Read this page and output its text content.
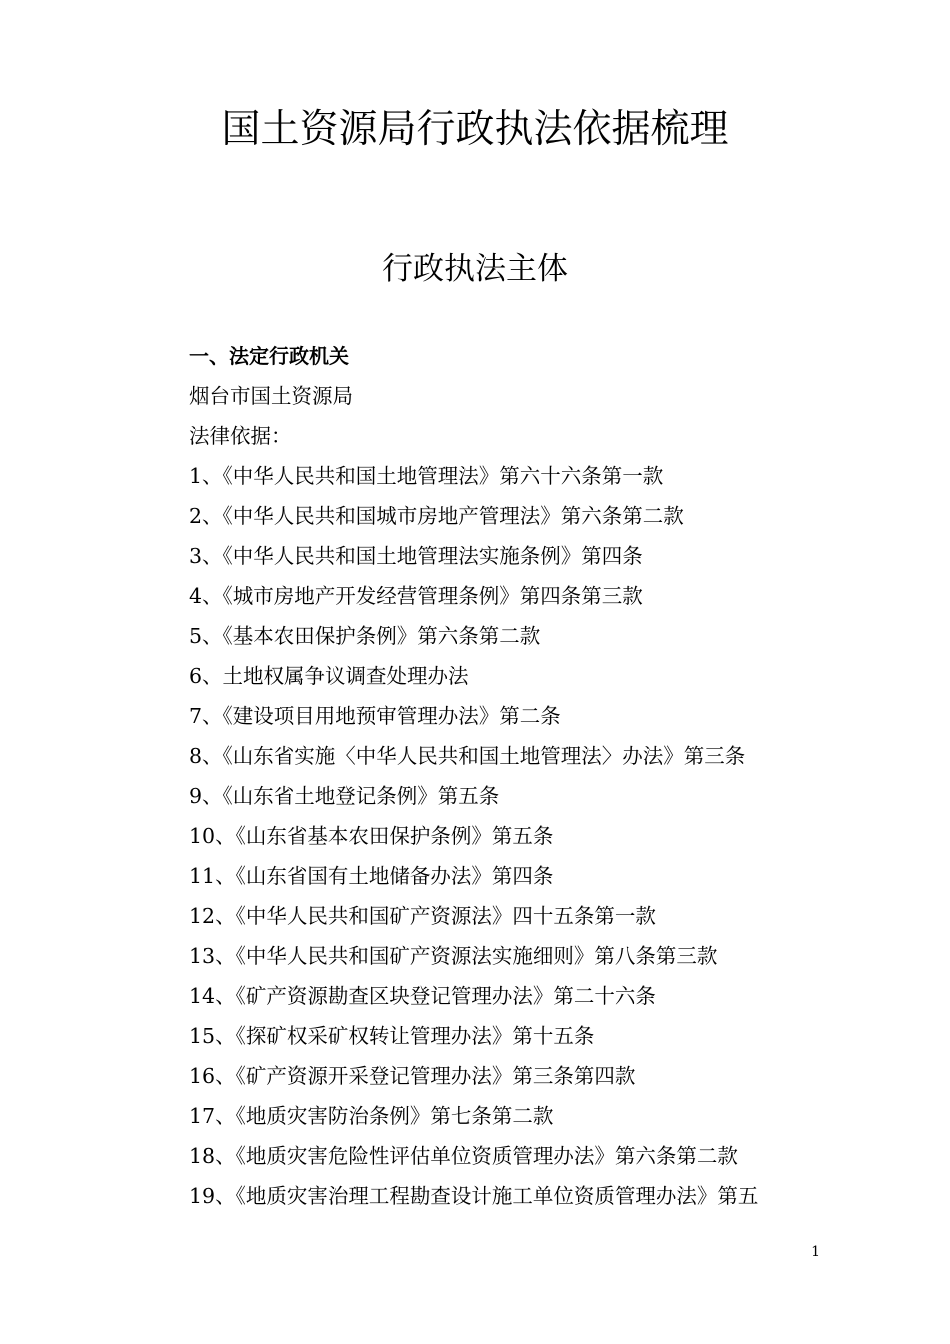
国土资源局行政执法依据梳理
行政执法主体
一、法定行政机关
烟台市国土资源局
法律依据：
1、《中华人民共和国土地管理法》第六十六条第一款
2、《中华人民共和国城市房地产管理法》第六条第二款
3、《中华人民共和国土地管理法实施条例》第四条
4、《城市房地产开发经营管理条例》第四条第三款
5、《基本农田保护条例》第六条第二款
6、土地权属争议调查处理办法
7、《建设项目用地预审管理办法》第二条
8、《山东省实施〈中华人民共和国土地管理法〉办法》第三条
9、《山东省土地登记条例》第五条
10、《山东省基本农田保护条例》第五条
11、《山东省国有土地储备办法》第四条
12、《中华人民共和国矿产资源法》四十五条第一款
13、《中华人民共和国矿产资源法实施细则》第八条第三款
14、《矿产资源勘查区块登记管理办法》第二十六条
15、《探矿权采矿权转让管理办法》第十五条
16、《矿产资源开采登记管理办法》第三条第四款
17、《地质灾害防治条例》第七条第二款
18、《地质灾害危险性评估单位资质管理办法》第六条第二款
19、《地质灾害治理工程勘查设计施工单位资质管理办法》第五
1
